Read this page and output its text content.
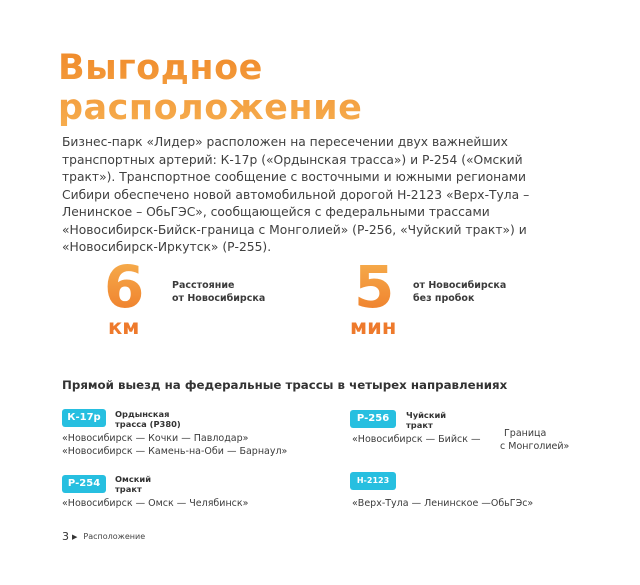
Выгодное
расположение

Бизнес-парк «Лидер» расположен на пересечении двух важнейших транспортных артерий: К-17р («Ордынская трасса») и Р-254 («Омский тракт»). Транспортное сообщение с восточными и южными регионами Сибири обеспечено новой автомобильной дорогой Н-2123 «Верх-Тула – Ленинское – ОбьГЭС», сообщающейся с федеральными трассами «Новосибирск-Бийск-граница с Монголией» (Р-256, «Чуйский тракт») и «Новосибирск-Иркутск» (Р-255).

6
км
Расстояние
от Новосибирска	5
мин
от Новосибирска
без пробок
Прямой выезд на федеральные трассы в четырех направлениях
К-17р	Ордынская
трасса (Р380)
«Новосибирск — Кочки — Павлодар»
«Новосибирск — Камень-на-Оби — Барнаул»
Р-256	Чуйский
тракт
«Новосибирск — Бийск —
Граница
с Монголией»
Р-254	Омский
тракт
«Новосибирск — Омск — Челябинск»
Н-2123
«Верх-Тула — Ленинское —ОбьГЭс»
3 ▶ Расположение
